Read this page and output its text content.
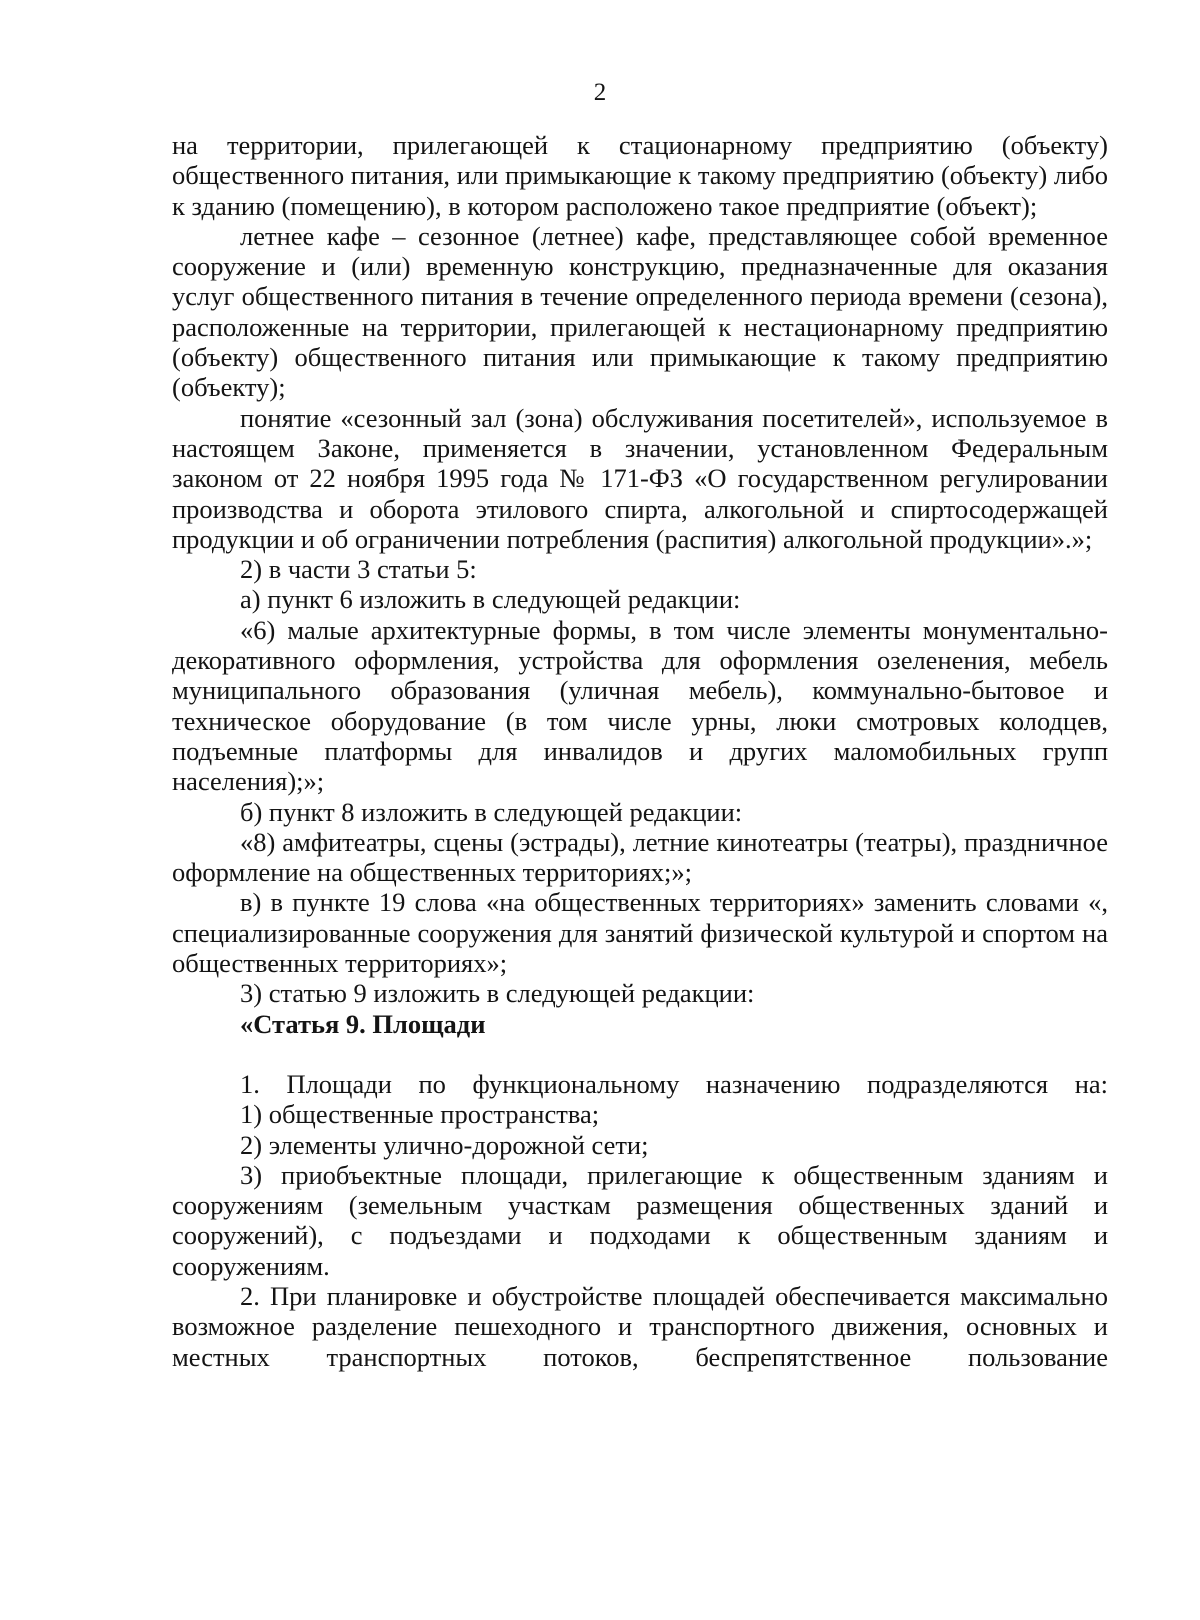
2

на территории, прилегающей к стационарному предприятию (объекту) общественного питания, или примыкающие к такому предприятию (объекту) либо к зданию (помещению), в котором расположено такое предприятие (объект);

летнее кафе – сезонное (летнее) кафе, представляющее собой временное сооружение и (или) временную конструкцию, предназначенные для оказания услуг общественного питания в течение определенного периода времени (сезона), расположенные на территории, прилегающей к нестационарному предприятию (объекту) общественного питания или примыкающие к такому предприятию (объекту);

понятие «сезонный зал (зона) обслуживания посетителей», используемое в настоящем Законе, применяется в значении, установленном Федеральным законом от 22 ноября 1995 года № 171-ФЗ «О государственном регулировании производства и оборота этилового спирта, алкогольной и спиртосодержащей продукции и об ограничении потребления (распития) алкогольной продукции».»;

2) в части 3 статьи 5:

а) пункт 6 изложить в следующей редакции:

«6) малые архитектурные формы, в том числе элементы монументально-декоративного оформления, устройства для оформления озеленения, мебель муниципального образования (уличная мебель), коммунально-бытовое и техническое оборудование (в том числе урны, люки смотровых колодцев, подъемные платформы для инвалидов и других маломобильных групп населения);»;

б) пункт 8 изложить в следующей редакции:

«8) амфитеатры, сцены (эстрады), летние кинотеатры (театры), праздничное оформление на общественных территориях;»;

в) в пункте 19 слова «на общественных территориях» заменить словами «, специализированные сооружения для занятий физической культурой и спортом на общественных территориях»;

3) статью 9 изложить в следующей редакции:

«Статья 9. Площади

1. Площади по функциональному назначению подразделяются на:

1) общественные пространства;

2) элементы улично-дорожной сети;

3) приобъектные площади, прилегающие к общественным зданиям и сооружениям (земельным участкам размещения общественных зданий и сооружений), с подъездами и подходами к общественным зданиям и сооружениям.

2. При планировке и обустройстве площадей обеспечивается максимально возможное разделение пешеходного и транспортного движения, основных и местных транспортных потоков, беспрепятственное пользование
